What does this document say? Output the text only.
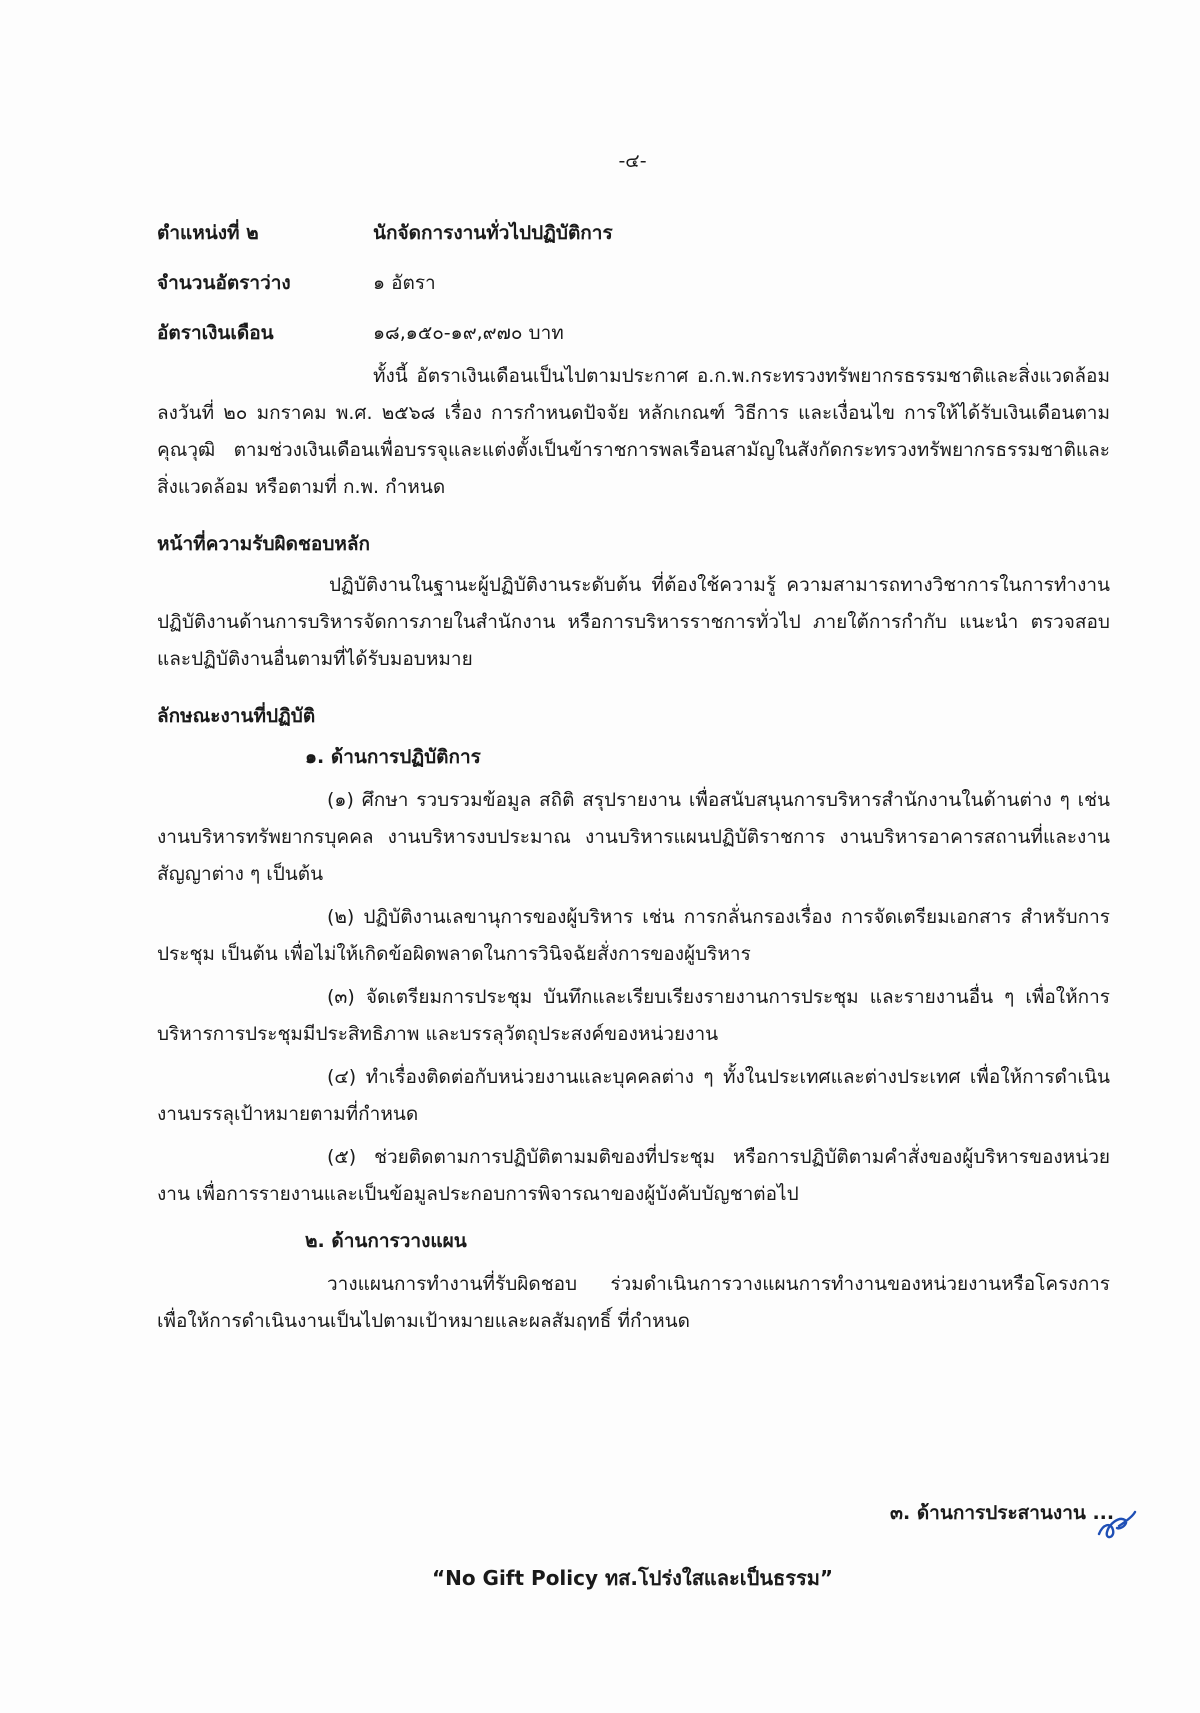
-๔-
ตำแหน่งที่ ๒	นักจัดการงานทั่วไปปฏิบัติการ
จำนวนอัตราว่าง	๑ อัตรา
อัตราเงินเดือน	๑๘,๑๕๐-๑๙,๙๗๐ บาท

ทั้งนี้ อัตราเงินเดือนเป็นไปตามประกาศ อ.ก.พ.กระทรวงทรัพยากรธรรมชาติและสิ่งแวดล้อม ลงวันที่ ๒๐ มกราคม พ.ศ. ๒๕๖๘ เรื่อง การกำหนดปัจจัย หลักเกณฑ์ วิธีการ และเงื่อนไข การให้ได้รับเงินเดือนตามคุณวุฒิ ตามช่วงเงินเดือนเพื่อบรรจุและแต่งตั้งเป็นข้าราชการพลเรือนสามัญในสังกัดกระทรวงทรัพยากรธรรมชาติและสิ่งแวดล้อม หรือตามที่ ก.พ. กำหนด

หน้าที่ความรับผิดชอบหลัก

ปฏิบัติงานในฐานะผู้ปฏิบัติงานระดับต้น ที่ต้องใช้ความรู้ ความสามารถทางวิชาการในการทำงานปฏิบัติงานด้านการบริหารจัดการภายในสำนักงาน หรือการบริหารราชการทั่วไป ภายใต้การกำกับ แนะนำ ตรวจสอบ และปฏิบัติงานอื่นตามที่ได้รับมอบหมาย

ลักษณะงานที่ปฏิบัติ
๑. ด้านการปฏิบัติการ

(๑) ศึกษา รวบรวมข้อมูล สถิติ สรุปรายงาน เพื่อสนับสนุนการบริหารสำนักงานในด้านต่าง ๆ เช่น งานบริหารทรัพยากรบุคคล งานบริหารงบประมาณ งานบริหารแผนปฏิบัติราชการ งานบริหารอาคารสถานที่และงานสัญญาต่าง ๆ เป็นต้น

(๒) ปฏิบัติงานเลขานุการของผู้บริหาร เช่น การกลั่นกรองเรื่อง การจัดเตรียมเอกสาร สำหรับการประชุม เป็นต้น เพื่อไม่ให้เกิดข้อผิดพลาดในการวินิจฉัยสั่งการของผู้บริหาร

(๓) จัดเตรียมการประชุม บันทึกและเรียบเรียงรายงานการประชุม และรายงานอื่น ๆ เพื่อให้การบริหารการประชุมมีประสิทธิภาพ และบรรลุวัตถุประสงค์ของหน่วยงาน

(๔) ทำเรื่องติดต่อกับหน่วยงานและบุคคลต่าง ๆ ทั้งในประเทศและต่างประเทศ เพื่อให้การดำเนินงานบรรลุเป้าหมายตามที่กำหนด

(๕) ช่วยติดตามการปฏิบัติตามมติของที่ประชุม หรือการปฏิบัติตามคำสั่งของผู้บริหารของหน่วยงาน เพื่อการรายงานและเป็นข้อมูลประกอบการพิจารณาของผู้บังคับบัญชาต่อไป

๒. ด้านการวางแผน

วางแผนการทำงานที่รับผิดชอบ ร่วมดำเนินการวางแผนการทำงานของหน่วยงานหรือโครงการ เพื่อให้การดำเนินงานเป็นไปตามเป้าหมายและผลสัมฤทธิ์ ที่กำหนด

๓. ด้านการประสานงาน ...
“No Gift Policy ทส.โปร่งใสและเป็นธรรม”
